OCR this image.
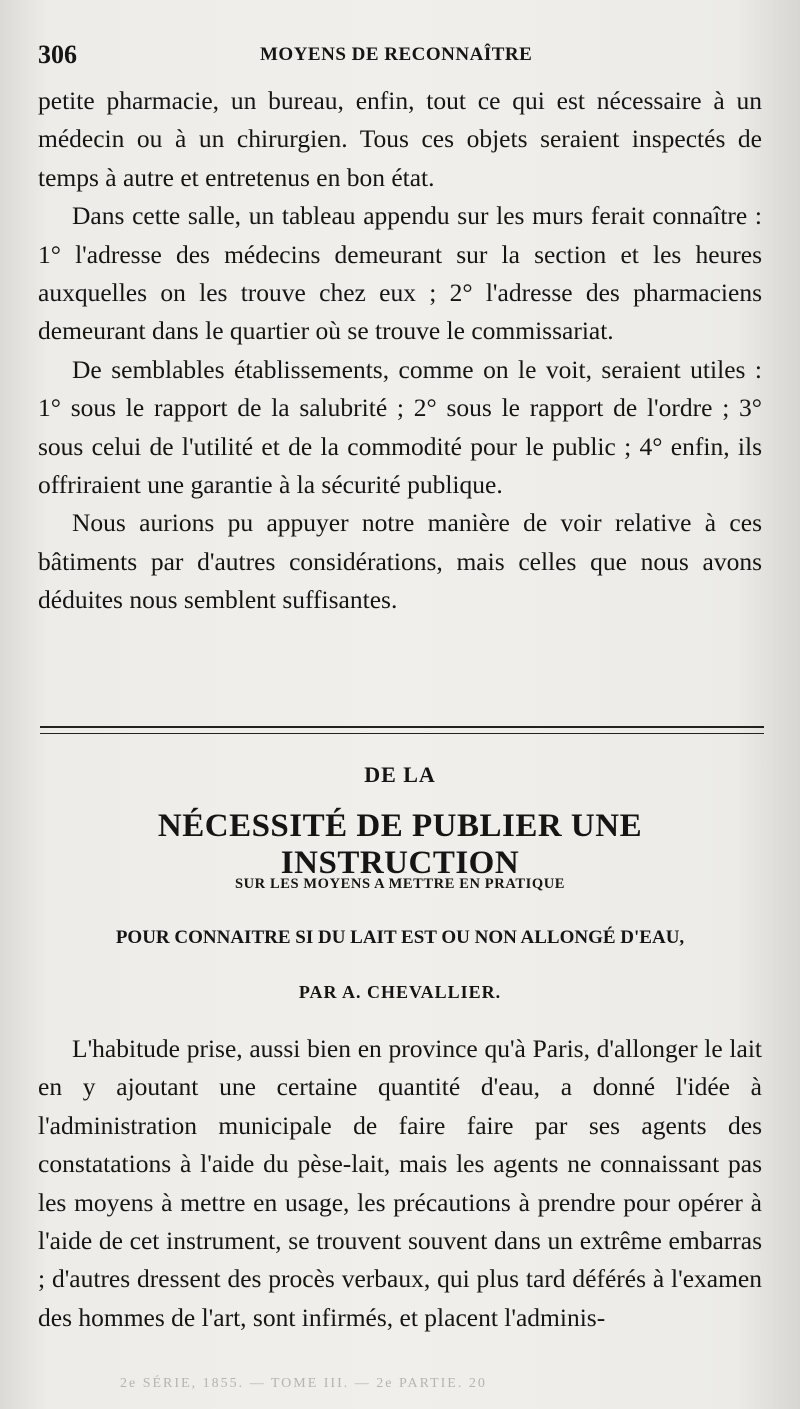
306	MOYENS DE RECONNAÎTRE

petite pharmacie, un bureau, enfin, tout ce qui est nécessaire à un médecin ou à un chirurgien. Tous ces objets seraient inspectés de temps à autre et entretenus en bon état.

Dans cette salle, un tableau appendu sur les murs ferait connaître : 1° l'adresse des médecins demeurant sur la section et les heures auxquelles on les trouve chez eux ; 2° l'adresse des pharmaciens demeurant dans le quartier où se trouve le commissariat.

De semblables établissements, comme on le voit, seraient utiles : 1° sous le rapport de la salubrité ; 2° sous le rapport de l'ordre ; 3° sous celui de l'utilité et de la commodité pour le public ; 4° enfin, ils offriraient une garantie à la sécurité publique.

Nous aurions pu appuyer notre manière de voir relative à ces bâtiments par d'autres considérations, mais celles que nous avons déduites nous semblent suffisantes.

DE LA
NÉCESSITÉ DE PUBLIER UNE INSTRUCTION
SUR LES MOYENS A METTRE EN PRATIQUE
POUR CONNAITRE SI DU LAIT EST OU NON ALLONGÉ D'EAU,
PAR A. CHEVALLIER.

L'habitude prise, aussi bien en province qu'à Paris, d'allonger le lait en y ajoutant une certaine quantité d'eau, a donné l'idée à l'administration municipale de faire faire par ses agents des constatations à l'aide du pèse-lait, mais les agents ne connaissant pas les moyens à mettre en usage, les précautions à prendre pour opérer à l'aide de cet instrument, se trouvent souvent dans un extrême embarras ; d'autres dressent des procès verbaux, qui plus tard déférés à l'examen des hommes de l'art, sont infirmés, et placent l'adminis-

2e SÉRIE, 1855. — TOME III. — 2e PARTIE. 20
